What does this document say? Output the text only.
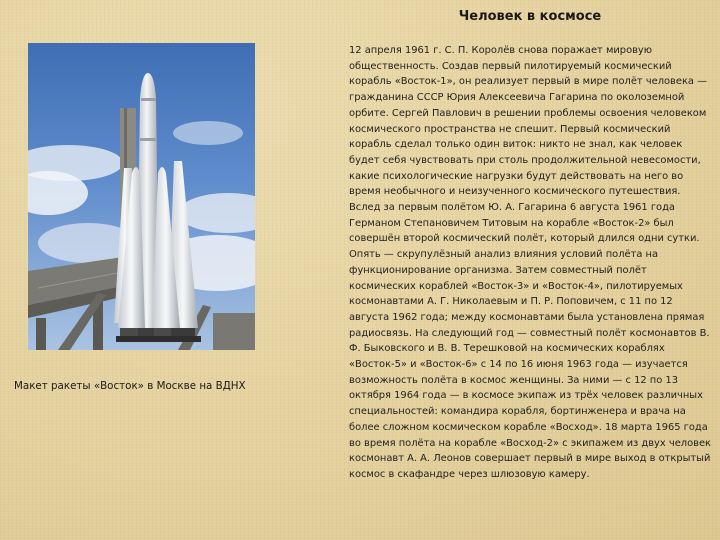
Человек в космосе
Макет ракеты «Восток» в Москве на ВДНХ

12 апреля 1961 г. С. П. Королёв снова поражает мировую общественность. Создав первый пилотируемый космический корабль «Восток-1», он реализует первый в мире полёт человека — гражданина СССР Юрия Алексеевича Гагарина по околоземной орбите. Сергей Павлович в решении проблемы освоения человеком космического пространства не спешит. Первый космический корабль сделал только один виток: никто не знал, как человек будет себя чувствовать при столь продолжительной невесомости, какие психологические нагрузки будут действовать на него во время необычного и неизученного космического путешествия. Вслед за первым полётом Ю. А. Гагарина 6 августа 1961 года Германом Степановичем Титовым на корабле «Восток-2» был совершён второй космический полёт, который длился одни сутки. Опять — скрупулёзный анализ влияния условий полёта на функционирование организма. Затем совместный полёт космических кораблей «Восток-3» и «Восток-4», пилотируемых космонавтами А. Г. Николаевым и П. Р. Поповичем, с 11 по 12 августа 1962 года; между космонавтами была установлена прямая радиосвязь. На следующий год — совместный полёт космонавтов В. Ф. Быковского и В. В. Терешковой на космических кораблях «Восток-5» и «Восток-6» с 14 по 16 июня 1963 года — изучается возможность полёта в космос женщины. За ними — с 12 по 13 октября 1964 года — в космосе экипаж из трёх человек различных специальностей: командира корабля, бортинженера и врача на более сложном космическом корабле «Восход». 18 марта 1965 года во время полёта на корабле «Восход-2» с экипажем из двух человек космонавт А. А. Леонов совершает первый в мире выход в открытый космос в скафандре через шлюзовую камеру.
